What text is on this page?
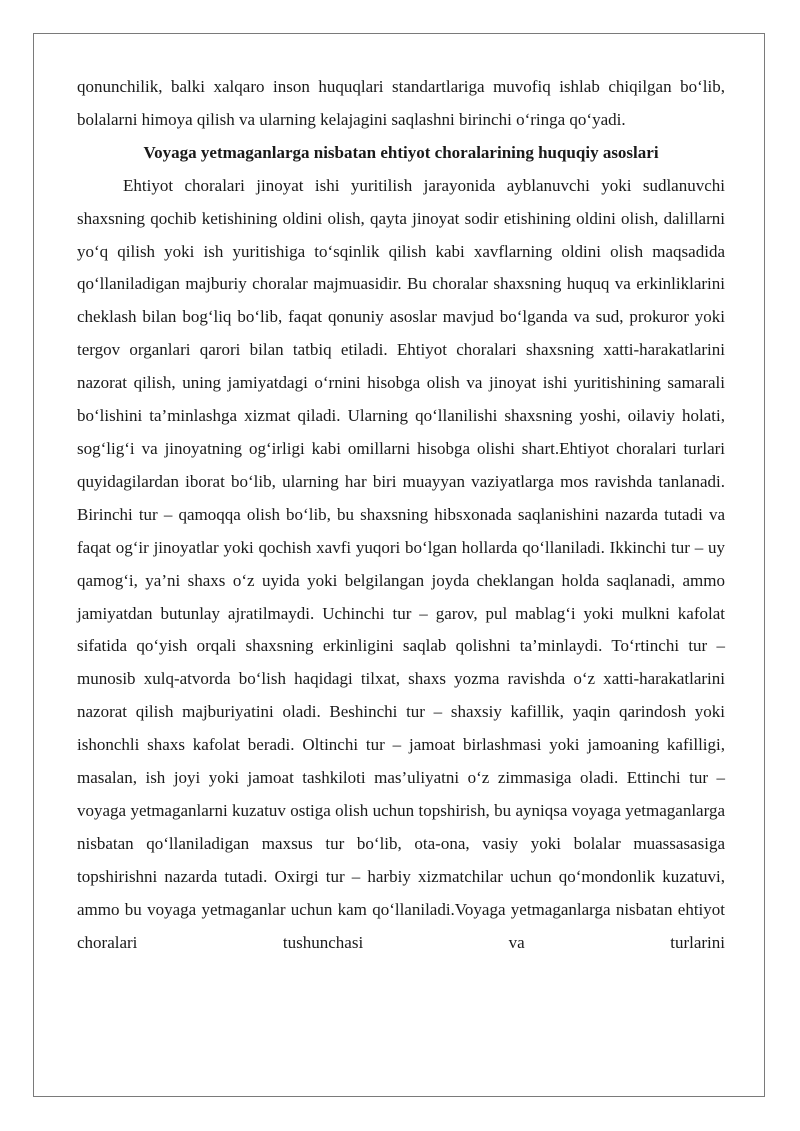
qonunchilik, balki xalqaro inson huquqlari standartlariga muvofiq ishlab chiqilgan bo‘lib, bolalarni himoya qilish va ularning kelajagini saqlashni birinchi o‘ringa qo‘yadi.

Voyaga yetmaganlarga nisbatan ehtiyot choralarining huquqiy asoslari

Ehtiyot choralari jinoyat ishi yuritilish jarayonida ayblanuvchi yoki sudlanuvchi shaxsning qochib ketishining oldini olish, qayta jinoyat sodir etishining oldini olish, dalillarni yo‘q qilish yoki ish yuritishiga to‘sqinlik qilish kabi xavflarning oldini olish maqsadida qo‘llaniladigan majburiy choralar majmuasidir. Bu choralar shaxsning huquq va erkinliklarini cheklash bilan bog‘liq bo‘lib, faqat qonuniy asoslar mavjud bo‘lganda va sud, prokuror yoki tergov organlari qarori bilan tatbiq etiladi. Ehtiyot choralari shaxsning xatti-harakatlarini nazorat qilish, uning jamiyatdagi o‘rnini hisobga olish va jinoyat ishi yuritishining samarali bo‘lishini ta’minlashga xizmat qiladi. Ularning qo‘llanilishi shaxsning yoshi, oilaviy holati, sog‘lig‘i va jinoyatning og‘irligi kabi omillarni hisobga olishi shart.Ehtiyot choralari turlari quyidagilardan iborat bo‘lib, ularning har biri muayyan vaziyatlarga mos ravishda tanlanadi. Birinchi tur – qamoqqa olish bo‘lib, bu shaxsning hibsxonada saqlanishini nazarda tutadi va faqat og‘ir jinoyatlar yoki qochish xavfi yuqori bo‘lgan hollarda qo‘llaniladi. Ikkinchi tur – uy qamog‘i, ya’ni shaxs o‘z uyida yoki belgilangan joyda cheklangan holda saqlanadi, ammo jamiyatdan butunlay ajratilmaydi. Uchinchi tur – garov, pul mablag‘i yoki mulkni kafolat sifatida qo‘yish orqali shaxsning erkinligini saqlab qolishni ta’minlaydi. To‘rtinchi tur – munosib xulq-atvorda bo‘lish haqidagi tilxat, shaxs yozma ravishda o‘z xatti-harakatlarini nazorat qilish majburiyatini oladi. Beshinchi tur – shaxsiy kafillik, yaqin qarindosh yoki ishonchli shaxs kafolat beradi. Oltinchi tur – jamoat birlashmasi yoki jamoaning kafilligi, masalan, ish joyi yoki jamoat tashkiloti mas’uliyatni o‘z zimmasiga oladi. Ettinchi tur – voyaga yetmaganlarni kuzatuv ostiga olish uchun topshirish, bu ayniqsa voyaga yetmaganlarga nisbatan qo‘llaniladigan maxsus tur bo‘lib, ota-ona, vasiy yoki bolalar muassasasiga topshirishni nazarda tutadi. Oxirgi tur – harbiy xizmatchilar uchun qo‘mondonlik kuzatuvi, ammo bu voyaga yetmaganlar uchun kam qo‘llaniladi.Voyaga yetmaganlarga nisbatan ehtiyot choralari tushunchasi va turlarini
